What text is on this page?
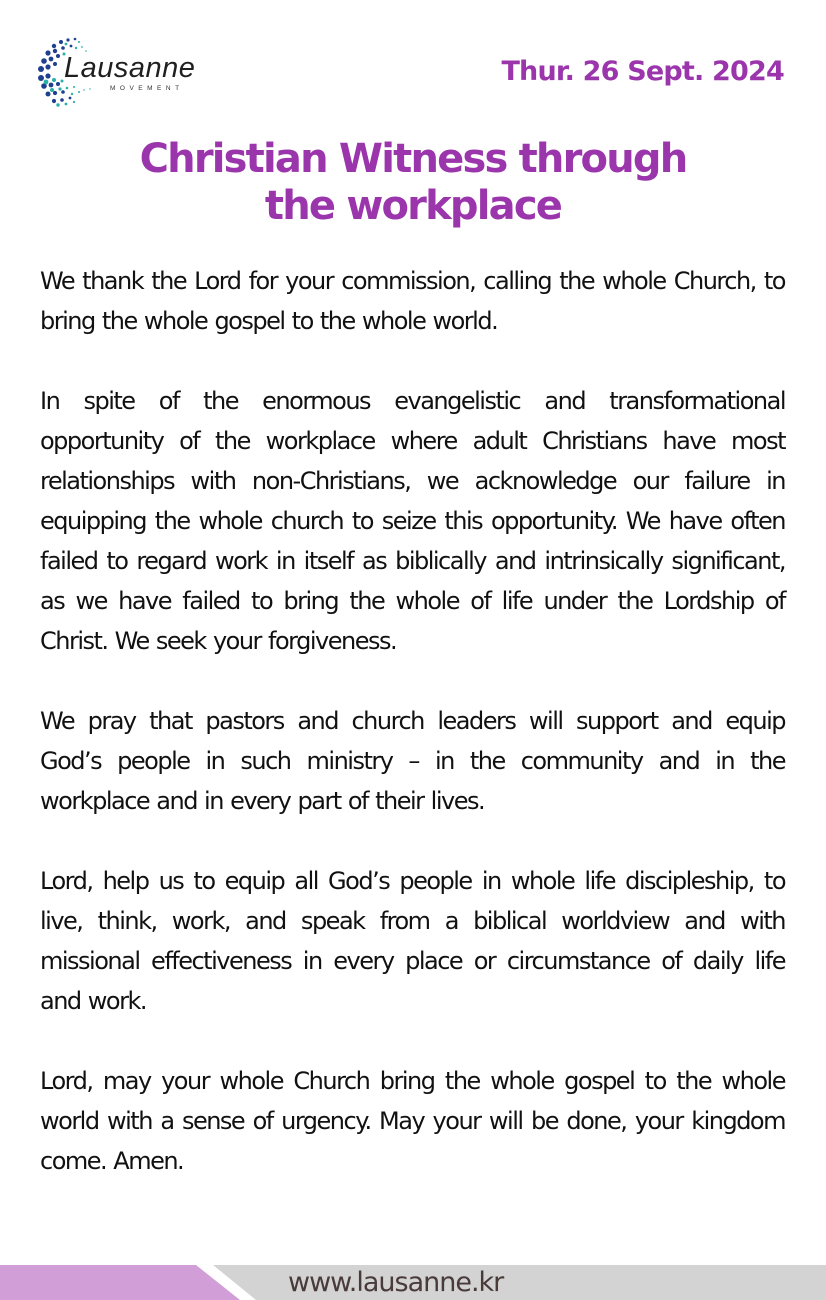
Lausanne
MOVEMENT
Thur. 26 Sept. 2024
Christian Witness through
the workplace

We thank the Lord for your commission, calling the whole Church, to bring the whole gospel to the whole world.

In spite of the enormous evangelistic and transformational opportunity of the workplace where adult Christians have most relationships with non-Christians, we acknowledge our failure in equipping the whole church to seize this opportunity. We have often failed to regard work in itself as biblically and intrinsically significant, as we have failed to bring the whole of life under the Lordship of Christ. We seek your forgiveness.

We pray that pastors and church leaders will support and equip God’s people in such ministry – in the community and in the workplace and in every part of their lives.

Lord, help us to equip all God’s people in whole life discipleship, to live, think, work, and speak from a biblical worldview and with missional effectiveness in every place or circumstance of daily life and work.

Lord, may your whole Church bring the whole gospel to the whole world with a sense of urgency. May your will be done, your kingdom come. Amen.

www.lausanne.kr
